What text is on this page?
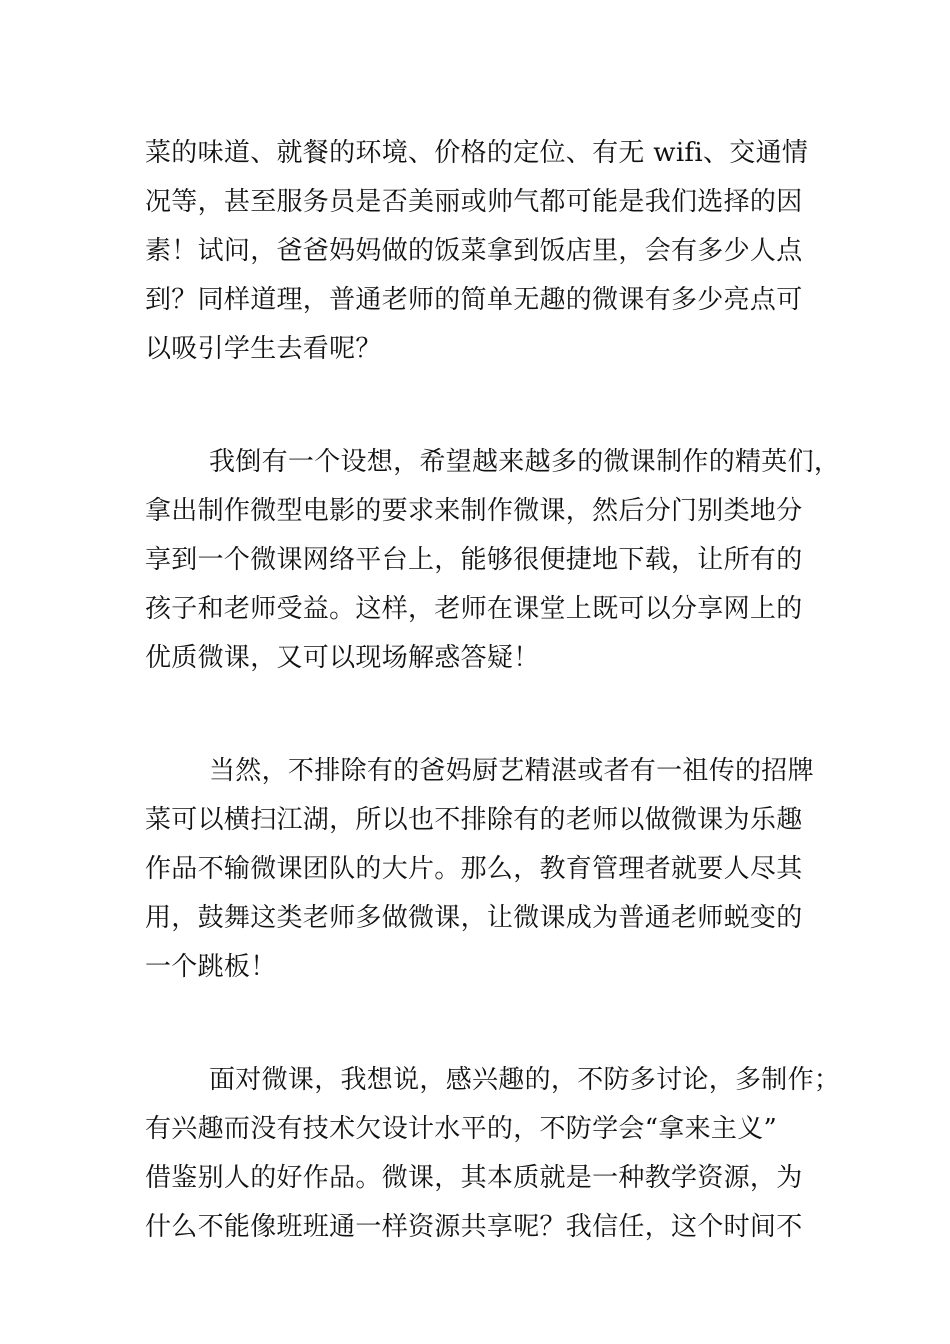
菜的味道、就餐的环境、价格的定位、有无 wifi、交通情
况等，甚至服务员是否美丽或帅气都可能是我们选择的因
素！试问，爸爸妈妈做的饭菜拿到饭店里，会有多少人点
到？同样道理，普通老师的简单无趣的微课有多少亮点可
以吸引学生去看呢？

我倒有一个设想，希望越来越多的微课制作的精英们，
拿出制作微型电影的要求来制作微课，然后分门别类地分
享到一个微课网络平台上，能够很便捷地下载，让所有的
孩子和老师受益。这样，老师在课堂上既可以分享网上的
优质微课，又可以现场解惑答疑！

当然，不排除有的爸妈厨艺精湛或者有一祖传的招牌
菜可以横扫江湖，所以也不排除有的老师以做微课为乐趣
作品不输微课团队的大片。那么，教育管理者就要人尽其
用，鼓舞这类老师多做微课，让微课成为普通老师蜕变的
一个跳板！

面对微课，我想说，感兴趣的，不防多讨论，多制作；
有兴趣而没有技术欠设计水平的，不防学会“拿来主义”
借鉴别人的好作品。微课，其本质就是一种教学资源，为
什么不能像班班通一样资源共享呢？我信任，这个时间不
